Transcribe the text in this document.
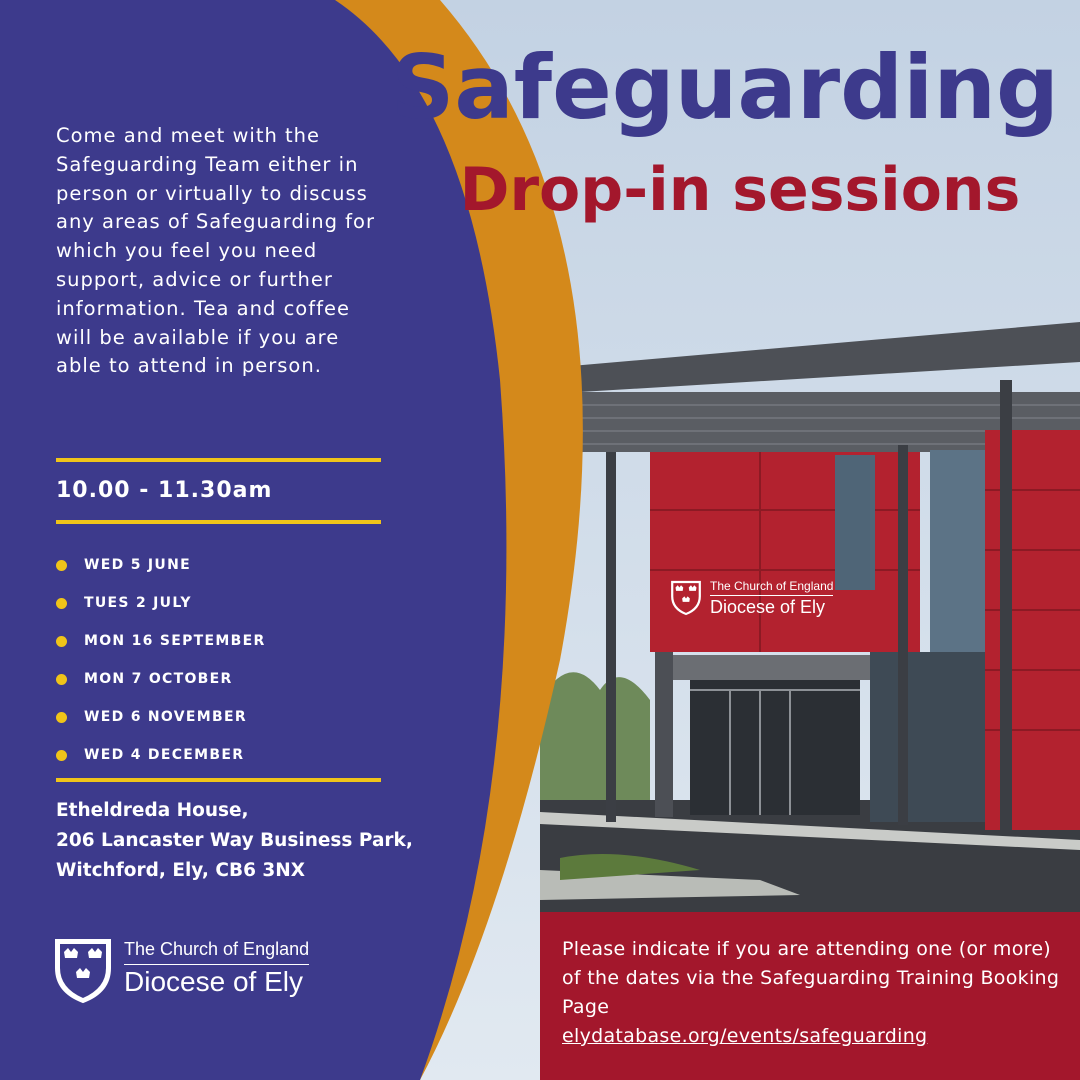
Safeguarding
Drop-in sessions
Come and meet with the Safeguarding Team either in person or virtually to discuss any areas of Safeguarding for which you feel you need support, advice or further information. Tea and coffee will be available if you are able to attend in person.
10.00 - 11.30am
WED 5 JUNE
TUES 2 JULY
MON 16 SEPTEMBER
MON 7 OCTOBER
WED 6 NOVEMBER
WED 4 DECEMBER
Etheldreda House,
206 Lancaster Way Business Park,
Witchford, Ely, CB6 3NX
The Church of England
Diocese of Ely
The Church of England
Diocese of Ely
Please indicate if you are attending one (or more) of the dates via the Safeguarding Training Booking Page
elydatabase.org/events/safeguarding
